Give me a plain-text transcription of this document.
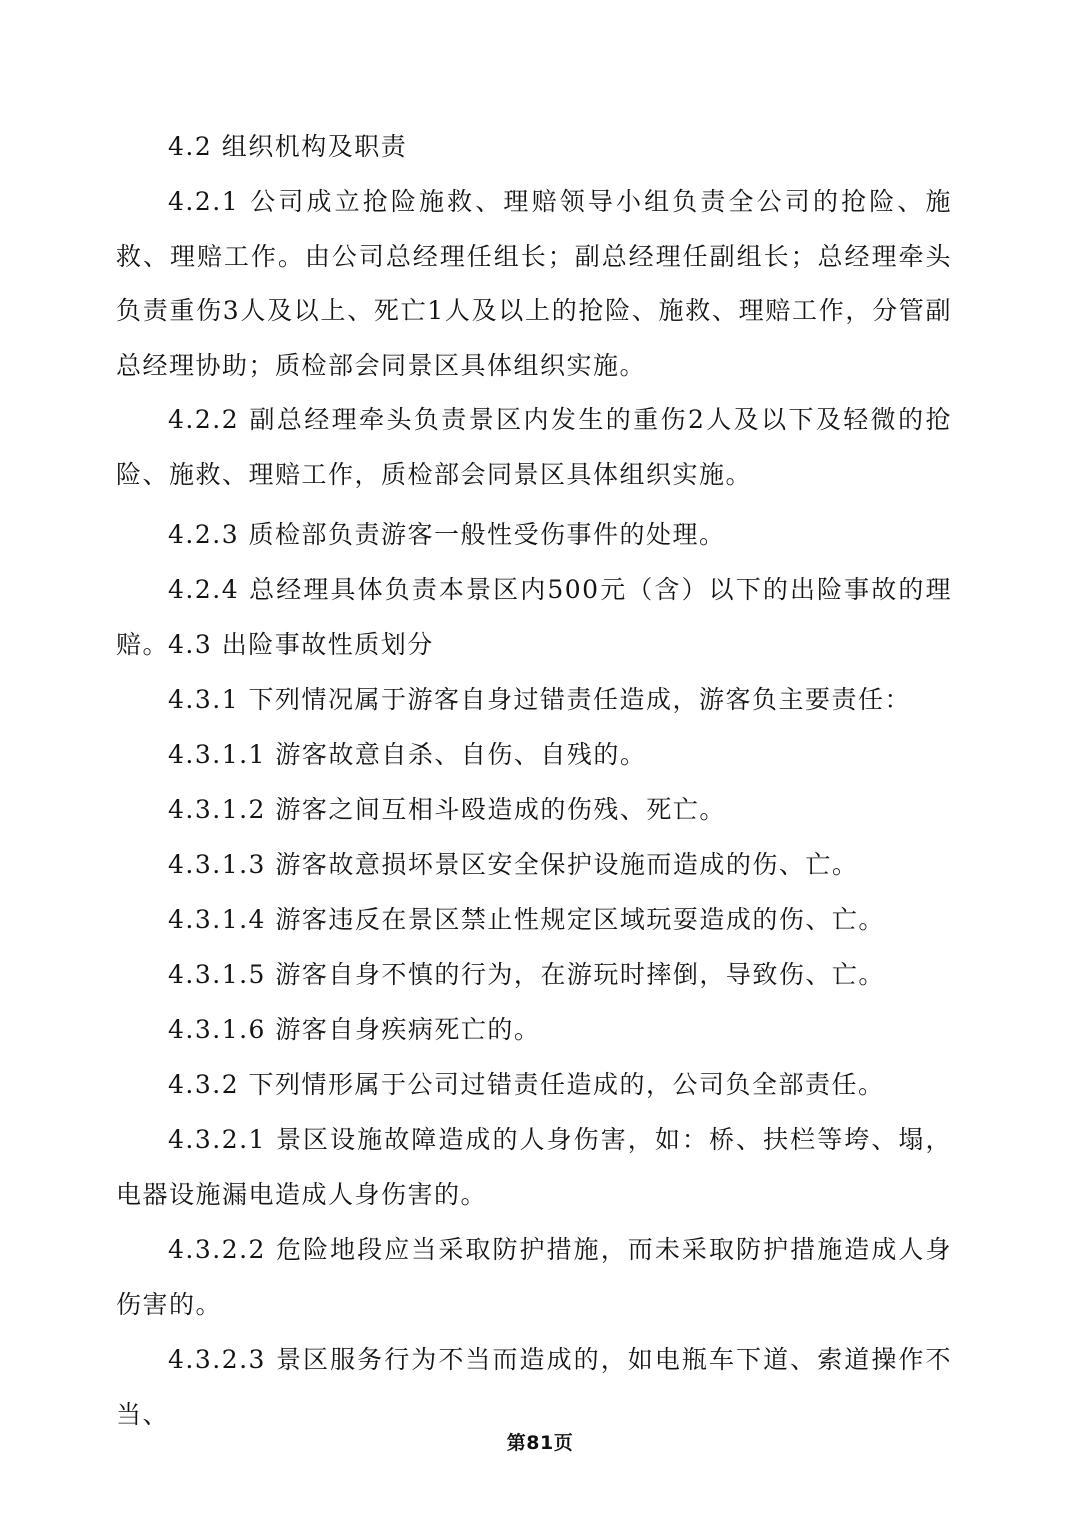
4.2 组织机构及职责
4.2.1 公司成立抢险施救、理赔领导小组负责全公司的抢险、施救、理赔工作。由公司总经理任组长；副总经理任副组长；总经理牵头负责重伤3人及以上、死亡1人及以上的抢险、施救、理赔工作，分管副总经理协助；质检部会同景区具体组织实施。
4.2.2 副总经理牵头负责景区内发生的重伤2人及以下及轻微的抢险、施救、理赔工作，质检部会同景区具体组织实施。
4.2.3 质检部负责游客一般性受伤事件的处理。
4.2.4 总经理具体负责本景区内500元（含）以下的出险事故的理赔。
4.3 出险事故性质划分
4.3.1 下列情况属于游客自身过错责任造成，游客负主要责任：
4.3.1.1 游客故意自杀、自伤、自残的。
4.3.1.2 游客之间互相斗殴造成的伤残、死亡。
4.3.1.3 游客故意损坏景区安全保护设施而造成的伤、亡。
4.3.1.4 游客违反在景区禁止性规定区域玩耍造成的伤、亡。
4.3.1.5 游客自身不慎的行为，在游玩时摔倒，导致伤、亡。
4.3.1.6 游客自身疾病死亡的。
4.3.2 下列情形属于公司过错责任造成的，公司负全部责任。
4.3.2.1 景区设施故障造成的人身伤害，如：桥、扶栏等垮、塌，电器设施漏电造成人身伤害的。
4.3.2.2 危险地段应当采取防护措施，而未采取防护措施造成人身伤害的。
4.3.2.3 景区服务行为不当而造成的，如电瓶车下道、索道操作不当、
第81页
